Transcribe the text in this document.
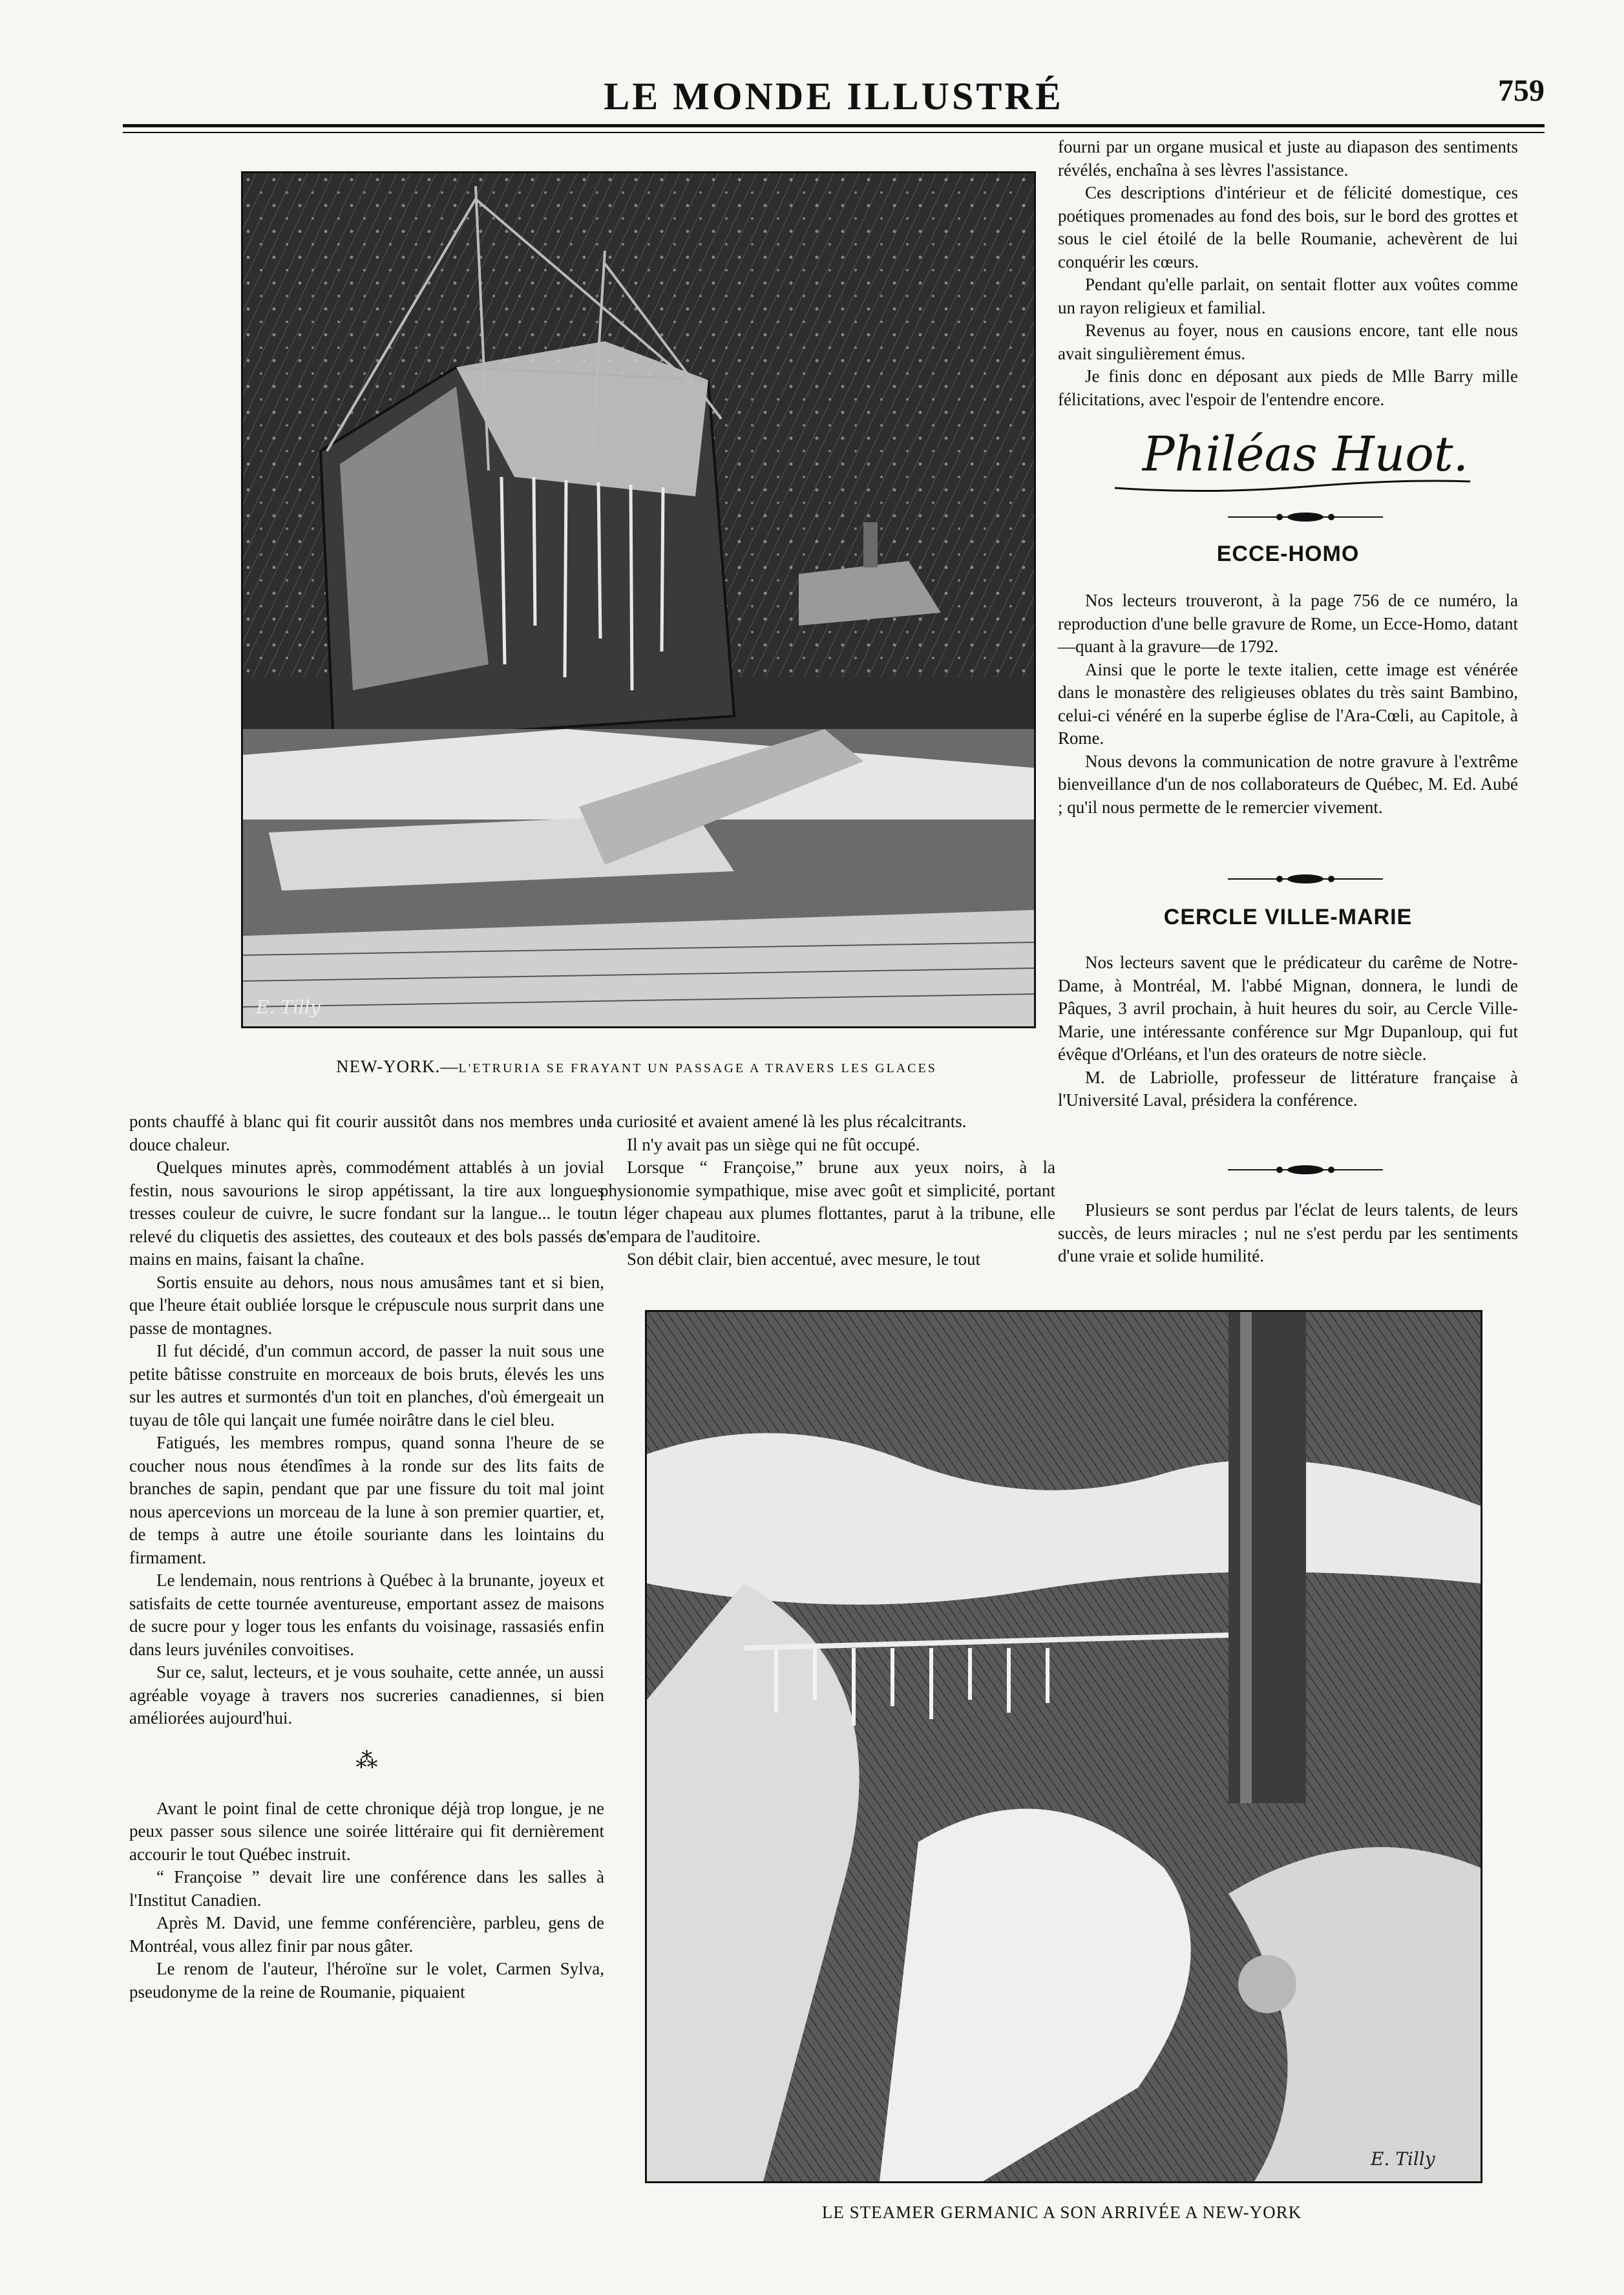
LE MONDE ILLUSTRÉ	759
E. Tilly
NEW-YORK.—L'ETRURIA SE FRAYANT UN PASSAGE A TRAVERS LES GLACES

fourni par un organe musical et juste au diapason des sentiments révélés, enchaîna à ses lèvres l'assistance.

Ces descriptions d'intérieur et de félicité domestique, ces poétiques promenades au fond des bois, sur le bord des grottes et sous le ciel étoilé de la belle Roumanie, achevèrent de lui conquérir les cœurs.

Pendant qu'elle parlait, on sentait flotter aux voûtes comme un rayon religieux et familial.

Revenus au foyer, nous en causions encore, tant elle nous avait singulièrement émus.

Je finis donc en déposant aux pieds de Mlle Barry mille félicitations, avec l'espoir de l'entendre encore.

Philéas Huot.
ECCE-HOMO

Nos lecteurs trouveront, à la page 756 de ce numéro, la reproduction d'une belle gravure de Rome, un Ecce-Homo, datant—quant à la gravure—de 1792.

Ainsi que le porte le texte italien, cette image est vénérée dans le monastère des religieuses oblates du très saint Bambino, celui-ci vénéré en la superbe église de l'Ara-Cœli, au Capitole, à Rome.

Nous devons la communication de notre gravure à l'extrême bienveillance d'un de nos collaborateurs de Québec, M. Ed. Aubé ; qu'il nous permette de le remercier vivement.

CERCLE VILLE-MARIE

Nos lecteurs savent que le prédicateur du carême de Notre-Dame, à Montréal, M. l'abbé Mignan, donnera, le lundi de Pâques, 3 avril prochain, à huit heures du soir, au Cercle Ville-Marie, une intéressante conférence sur Mgr Dupanloup, qui fut évêque d'Orléans, et l'un des orateurs de notre siècle.

M. de Labriolle, professeur de littérature française à l'Université Laval, présidera la conférence.

Plusieurs se sont perdus par l'éclat de leurs talents, de leurs succès, de leurs miracles ; nul ne s'est perdu par les sentiments d'une vraie et solide humilité.

ponts chauffé à blanc qui fit courir aussitôt dans nos membres une douce chaleur.

Quelques minutes après, commodément attablés à un jovial festin, nous savourions le sirop appétissant, la tire aux longues tresses couleur de cuivre, le sucre fondant sur la langue... le tout relevé du cliquetis des assiettes, des couteaux et des bols passés de mains en mains, faisant la chaîne.

Sortis ensuite au dehors, nous nous amusâmes tant et si bien, que l'heure était oubliée lorsque le crépuscule nous surprit dans une passe de montagnes.

Il fut décidé, d'un commun accord, de passer la nuit sous une petite bâtisse construite en morceaux de bois bruts, élevés les uns sur les autres et surmontés d'un toit en planches, d'où émergeait un tuyau de tôle qui lançait une fumée noirâtre dans le ciel bleu.

Fatigués, les membres rompus, quand sonna l'heure de se coucher nous nous étendîmes à la ronde sur des lits faits de branches de sapin, pendant que par une fissure du toit mal joint nous apercevions un morceau de la lune à son premier quartier, et, de temps à autre une étoile souriante dans les lointains du firmament.

Le lendemain, nous rentrions à Québec à la brunante, joyeux et satisfaits de cette tournée aventureuse, emportant assez de maisons de sucre pour y loger tous les enfants du voisinage, rassasiés enfin dans leurs juvéniles convoitises.

Sur ce, salut, lecteurs, et je vous souhaite, cette année, un aussi agréable voyage à travers nos sucreries canadiennes, si bien améliorées aujourd'hui.

⁂

Avant le point final de cette chronique déjà trop longue, je ne peux passer sous silence une soirée littéraire qui fit dernièrement accourir le tout Québec instruit.

“ Françoise ” devait lire une conférence dans les salles à l'Institut Canadien.

Après M. David, une femme conférencière, parbleu, gens de Montréal, vous allez finir par nous gâter.

Le renom de l'auteur, l'héroïne sur le volet, Carmen Sylva, pseudonyme de la reine de Roumanie, piquaient

la curiosité et avaient amené là les plus récalcitrants.

Il n'y avait pas un siège qui ne fût occupé.

Lorsque “ Françoise,” brune aux yeux noirs, à la physionomie sympathique, mise avec goût et simplicité, portant un léger chapeau aux plumes flottantes, parut à la tribune, elle s'empara de l'auditoire.

Son débit clair, bien accentué, avec mesure, le tout

E. Tilly
LE STEAMER GERMANIC A SON ARRIVÉE A NEW-YORK
